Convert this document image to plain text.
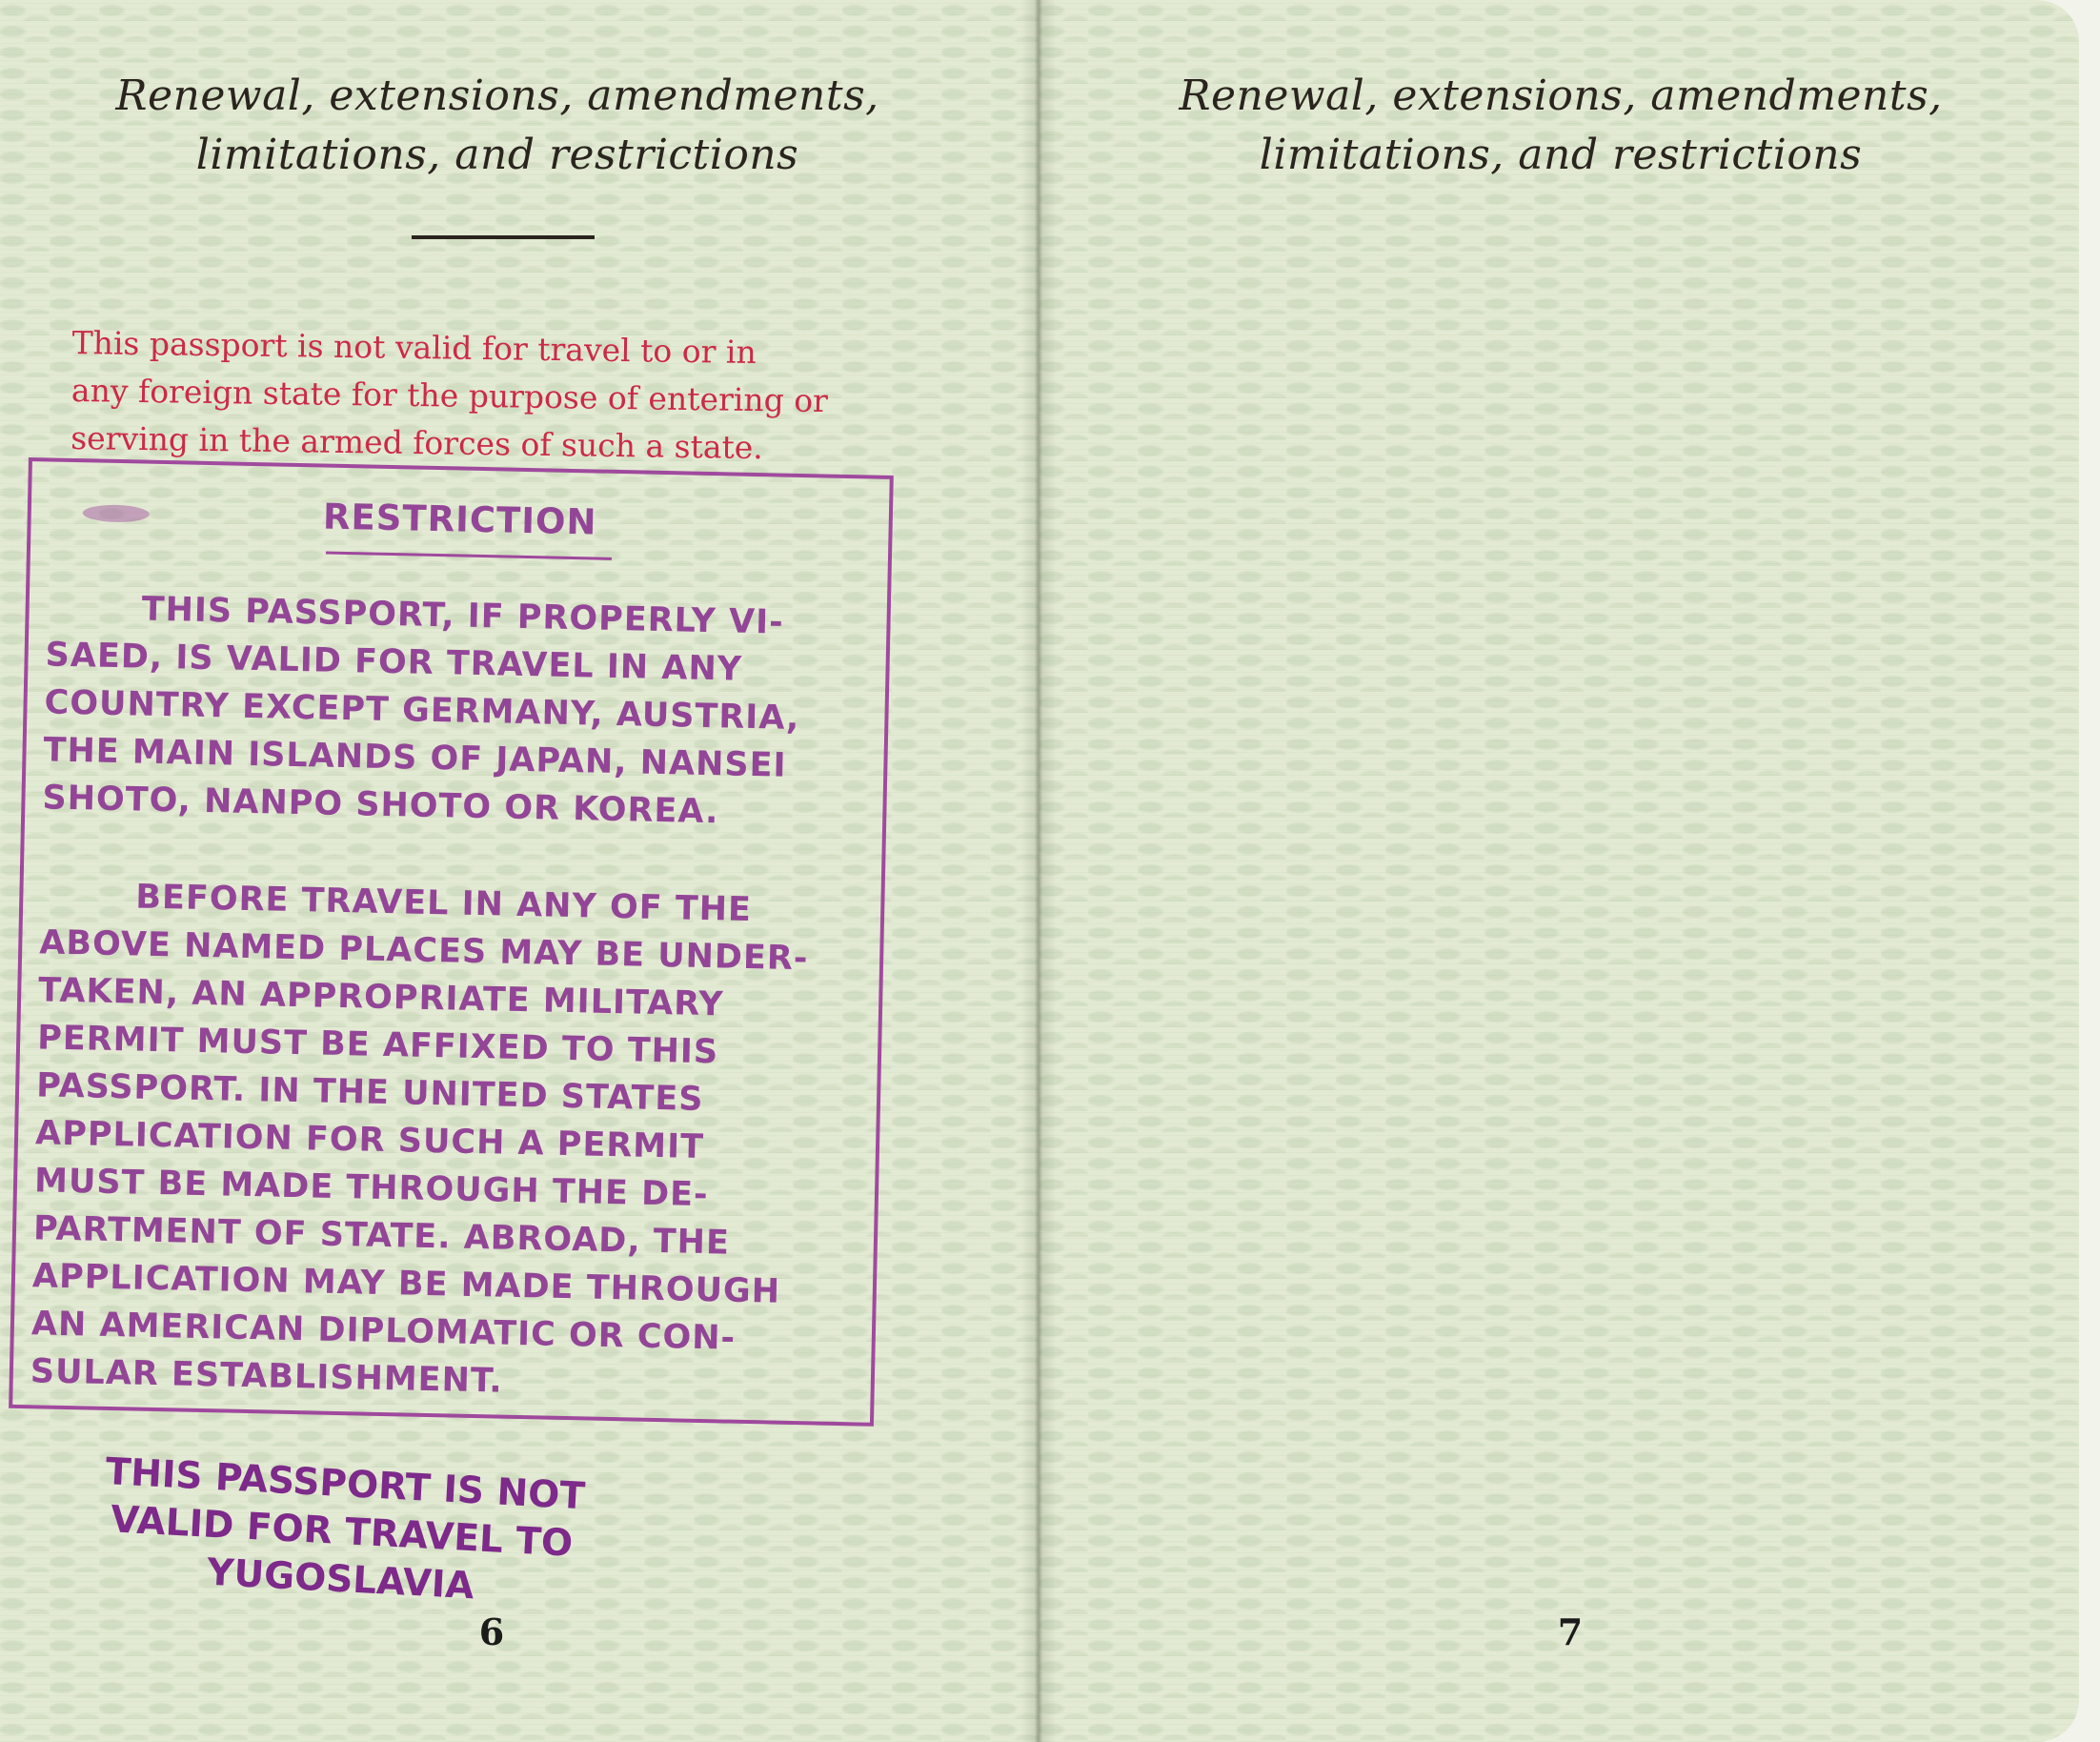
Renewal, extensions, amendments,
limitations, and restrictions
This passport is not valid for travel to or in
any foreign state for the purpose of entering or
serving in the armed forces of such a state.
RESTRICTION
THIS PASSPORT, IF PROPERLY VI-
SAED, IS VALID FOR TRAVEL IN ANY
COUNTRY EXCEPT GERMANY, AUSTRIA,
THE MAIN ISLANDS OF JAPAN, NANSEI
SHOTO, NANPO SHOTO OR KOREA.
BEFORE TRAVEL IN ANY OF THE
ABOVE NAMED PLACES MAY BE UNDER-
TAKEN, AN APPROPRIATE MILITARY
PERMIT MUST BE AFFIXED TO THIS
PASSPORT. IN THE UNITED STATES
APPLICATION FOR SUCH A PERMIT
MUST BE MADE THROUGH THE DE-
PARTMENT OF STATE. ABROAD, THE
APPLICATION MAY BE MADE THROUGH
AN AMERICAN DIPLOMATIC OR CON-
SULAR ESTABLISHMENT.
THIS PASSPORT IS NOT
VALID FOR TRAVEL TO
YUGOSLAVIA
6
Renewal, extensions, amendments,
limitations, and restrictions
7
